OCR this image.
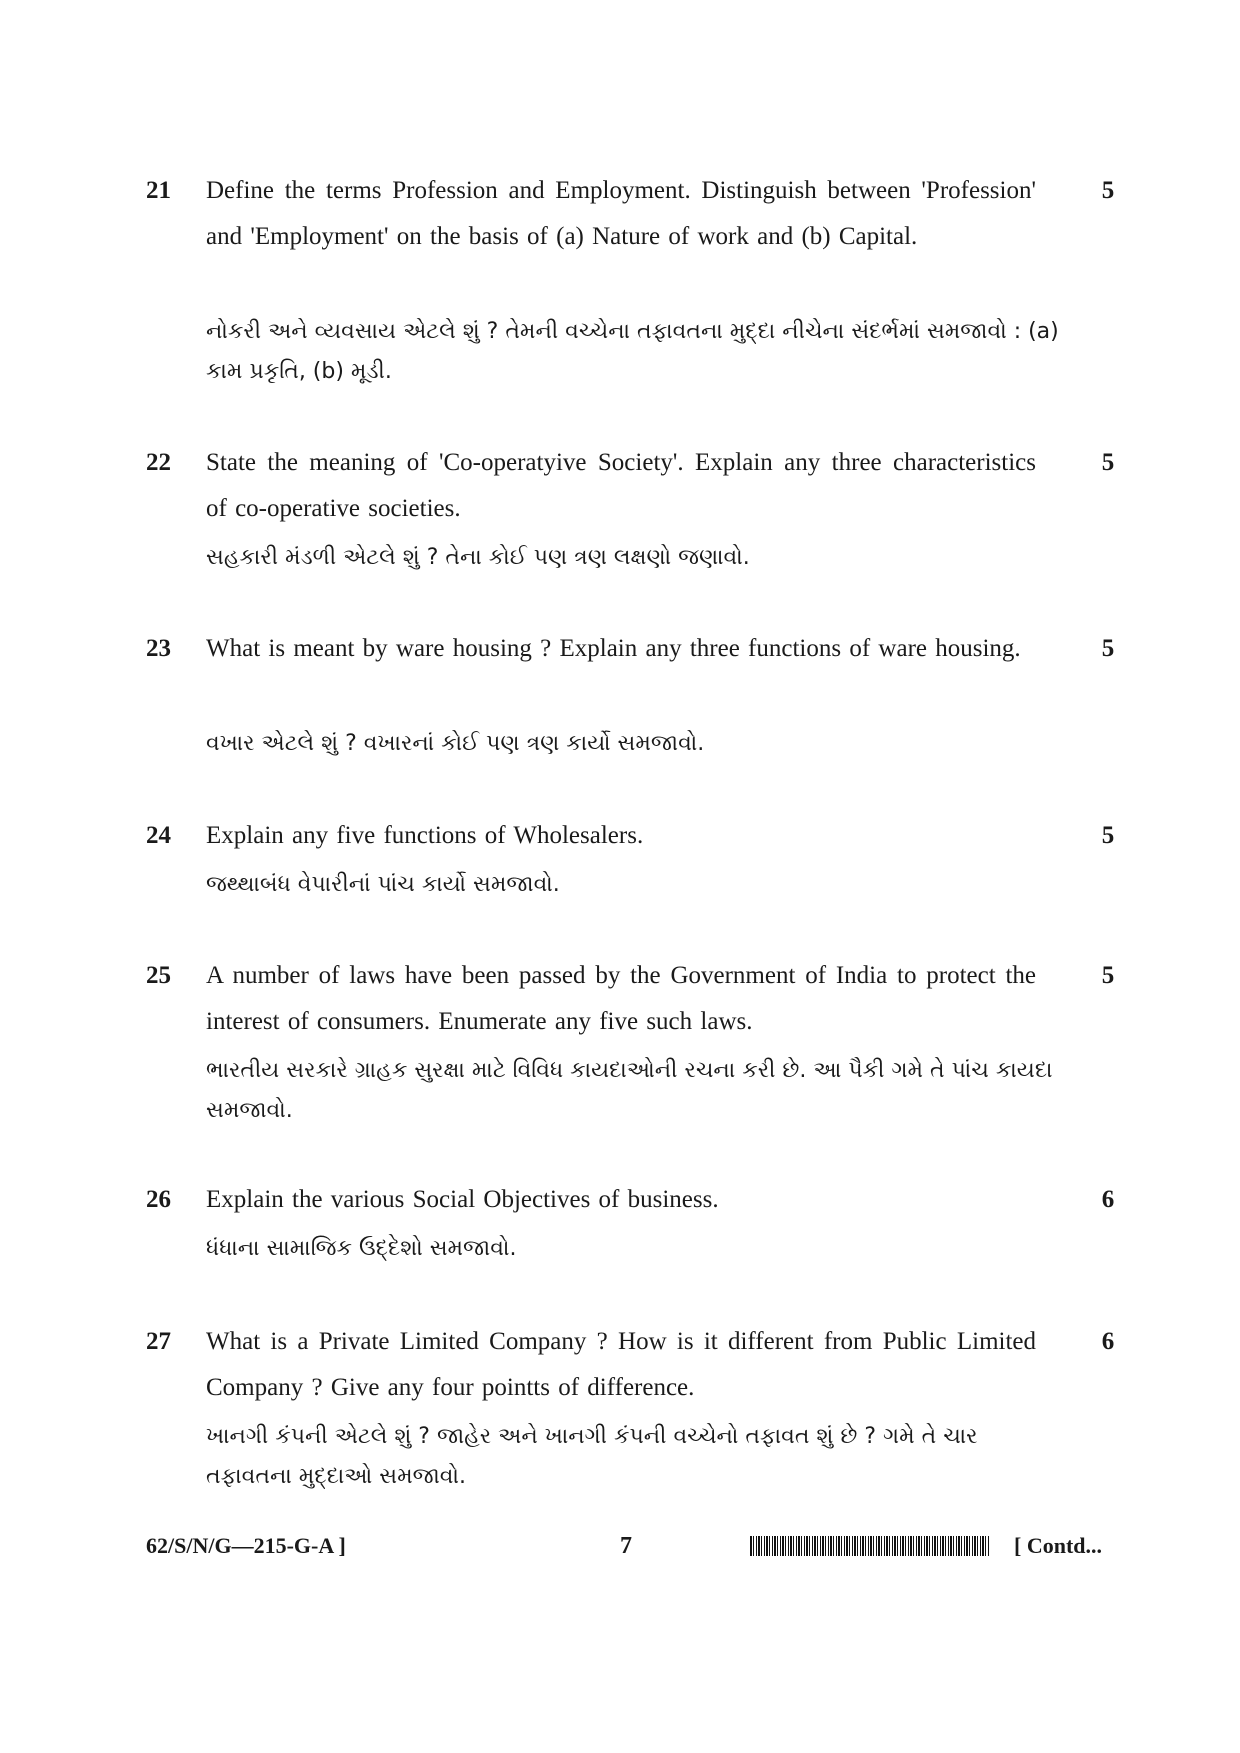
21 Define the terms Profession and Employment. Distinguish between 'Profession' and 'Employment' on the basis of (a) Nature of work and (b) Capital.
નોકરી અને વ્યવસાય એટલે શું ? તેમની વચ્ચેના તફાવતના મુદ્દા નીચેના સંદર્ભમાં સમજાવો : (a) કામ પ્રકૃતિ, (b) મૂડી.
5
22 State the meaning of 'Co-operatyive Society'. Explain any three characteristics of co-operative societies.
સહકારી મંડળી એટલે શું ? તેના કોઈ પણ ત્રણ લક્ષણો જણાવો.
5
23 What is meant by ware housing ? Explain any three functions of ware housing.
વખાર એટલે શું ? વખારનાં કોઈ પણ ત્રણ કાર્યો સમજાવો.
5
24 Explain any five functions of Wholesalers.
જથ્થાબંધ વેપારીનાં પાંચ કાર્યો સમજાવો.
5
25 A number of laws have been passed by the Government of India to protect the interest of consumers. Enumerate any five such laws.
ભારતીય સરકારે ગ્રાહક સુરક્ષા માટે વિવિધ કાયદાઓની રચના કરી છે. આ પૈકી ગમે તે પાંચ કાયદા સમજાવો.
5
26 Explain the various Social Objectives of business.
ધંધાના સામાજિક ઉદ્દેશો સમજાવો.
6
27 What is a Private Limited Company ? How is it different from Public Limited Company ? Give any four pointts of difference.
ખાનગી કંપની એટલે શું ? જાહેર અને ખાનગી કંપની વચ્ચેનો તફાવત શું છે ? ગમે તે ચાર તફાવતના મુદ્દાઓ સમજાવો.
6
62/S/N/G—215-G-A ]	7	[ Contd...
